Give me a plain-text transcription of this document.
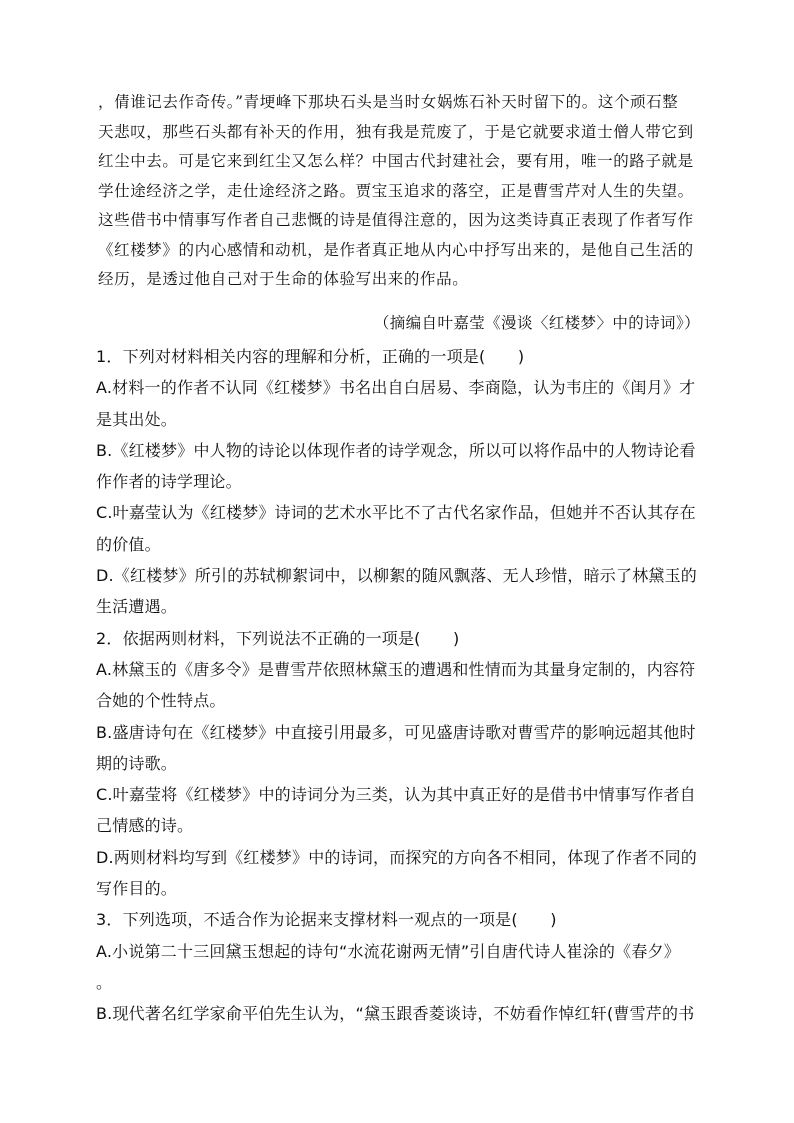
，倩谁记去作奇传。”青埂峰下那块石头是当时女娲炼石补天时留下的。这个顽石整

天悲叹，那些石头都有补天的作用，独有我是荒废了，于是它就要求道士僧人带它到

红尘中去。可是它来到红尘又怎么样？中国古代封建社会，要有用，唯一的路子就是

学仕途经济之学，走仕途经济之路。贾宝玉追求的落空，正是曹雪芹对人生的失望。

这些借书中情事写作者自己悲慨的诗是值得注意的，因为这类诗真正表现了作者写作

《红楼梦》的内心感情和动机，是作者真正地从内心中抒写出来的，是他自己生活的

经历，是透过他自己对于生命的体验写出来的作品。

（摘编自叶嘉莹《漫谈〈红楼梦〉中的诗词》）

1．下列对材料相关内容的理解和分析，正确的一项是(　　)

A.材料一的作者不认同《红楼梦》书名出自白居易、李商隐，认为韦庄的《闺月》才

是其出处。

B.《红楼梦》中人物的诗论以体现作者的诗学观念，所以可以将作品中的人物诗论看

作作者的诗学理论。

C.叶嘉莹认为《红楼梦》诗词的艺术水平比不了古代名家作品，但她并不否认其存在

的价值。

D.《红楼梦》所引的苏轼柳絮词中，以柳絮的随风飘落、无人珍惜，暗示了林黛玉的

生活遭遇。

2．依据两则材料，下列说法不正确的一项是(　　)

A.林黛玉的《唐多令》是曹雪芹依照林黛玉的遭遇和性情而为其量身定制的，内容符

合她的个性特点。

B.盛唐诗句在《红楼梦》中直接引用最多，可见盛唐诗歌对曹雪芹的影响远超其他时

期的诗歌。

C.叶嘉莹将《红楼梦》中的诗词分为三类，认为其中真正好的是借书中情事写作者自

己情感的诗。

D.两则材料均写到《红楼梦》中的诗词，而探究的方向各不相同，体现了作者不同的

写作目的。

3．下列选项，不适合作为论据来支撑材料一观点的一项是(　　)

A.小说第二十三回黛玉想起的诗句“水流花谢两无情”引自唐代诗人崔涂的《春夕》

。

B.现代著名红学家俞平伯先生认为，“黛玉跟香菱谈诗，不妨看作悼红轩(曹雪芹的书
